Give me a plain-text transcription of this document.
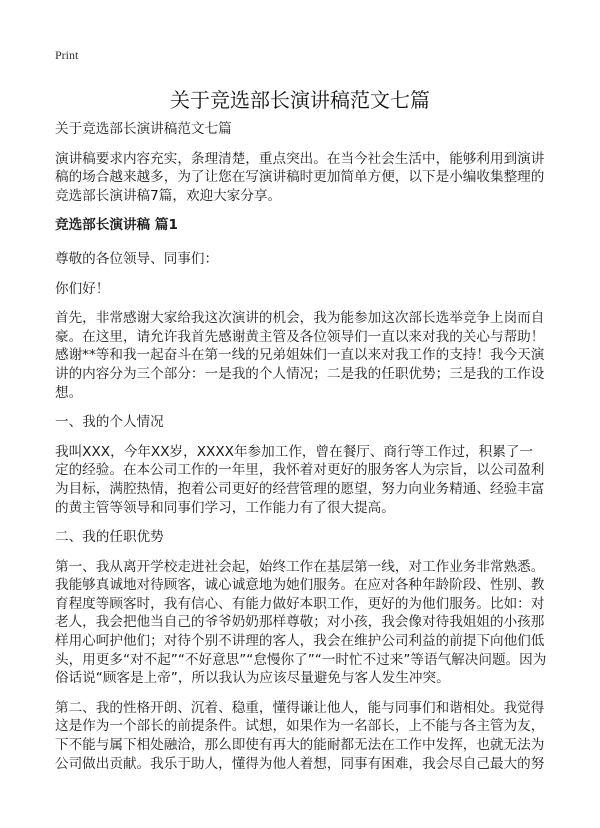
Print
关于竞选部长演讲稿范文七篇
关于竞选部长演讲稿范文七篇
演讲稿要求内容充实，条理清楚，重点突出。在当今社会生活中，能够利用到演讲
稿的场合越来越多，为了让您在写演讲稿时更加简单方便，以下是小编收集整理的
竞选部长演讲稿7篇，欢迎大家分享。
竞选部长演讲稿 篇1
尊敬的各位领导、同事们：
你们好！
首先，非常感谢大家给我这次演讲的机会，我为能参加这次部长选举竞争上岗而自
豪。在这里，请允许我首先感谢黄主管及各位领导们一直以来对我的关心与帮助！
感谢**等和我一起奋斗在第一线的兄弟姐妹们一直以来对我工作的支持！我今天演
讲的内容分为三个部分：一是我的个人情况；二是我的任职优势；三是我的工作设
想。
一、我的个人情况
我叫XXX，今年XX岁，XXXX年参加工作，曾在餐厅、商行等工作过，积累了一
定的经验。在本公司工作的一年里，我怀着对更好的服务客人为宗旨，以公司盈利
为目标，满腔热情，抱着公司更好的经营管理的愿望，努力向业务精通、经验丰富
的黄主管等领导和同事们学习，工作能力有了很大提高。
二、我的任职优势
第一、我从离开学校走进社会起，始终工作在基层第一线，对工作业务非常熟悉。
我能够真诚地对待顾客，诚心诚意地为她们服务。在应对各种年龄阶段、性别、教
育程度等顾客时，我有信心、有能力做好本职工作，更好的为他们服务。比如：对
老人，我会把他当自己的爷爷奶奶那样尊敬；对小孩，我会像对待我姐姐的小孩那
样用心呵护他们；对待个别不讲理的客人，我会在维护公司利益的前提下向他们低
头，用更多“对不起”“不好意思”“怠慢你了”“一时忙不过来”等语气解决问题。因为
俗话说“顾客是上帝”，所以我认为应该尽量避免与客人发生冲突。
第二、我的性格开朗、沉着、稳重，懂得谦让他人，能与同事们和谐相处。我觉得
这是作为一个部长的前提条件。试想，如果作为一名部长，上不能与各主管为友，
下不能与属下相处融洽，那么即使有再大的能耐都无法在工作中发挥，也就无法为
公司做出贡献。我乐于助人，懂得为他人着想，同事有困难，我会尽自己最大的努
